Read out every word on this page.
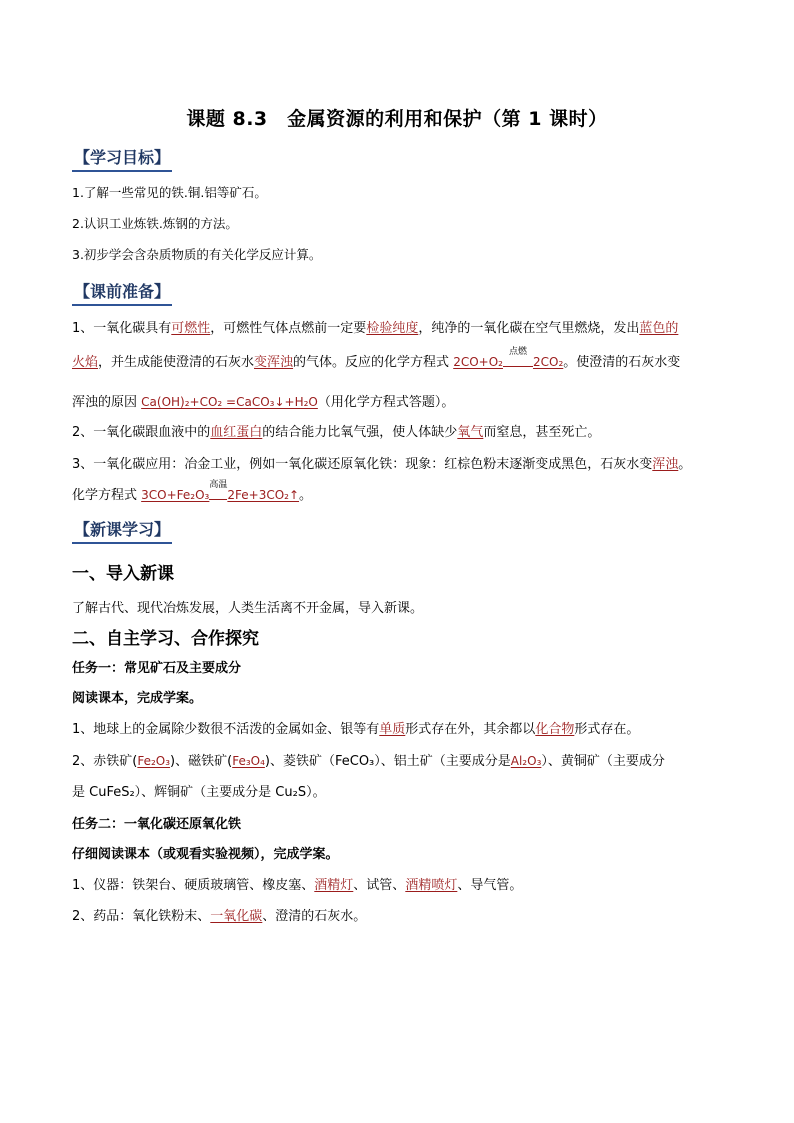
课题 8.3　金属资源的利用和保护（第 1 课时）
【学习目标】
1.了解一些常见的铁.铜.铝等矿石。
2.认识工业炼铁.炼钢的方法。
3.初步学会含杂质物质的有关化学反应计算。
【课前准备】
1、一氧化碳具有可燃性，可燃性气体点燃前一定要检验纯度，纯净的一氧化碳在空气里燃烧，发出蓝色的
火焰，并生成能使澄清的石灰水变浑浊的气体。反应的化学方程式 2CO+O₂
点燃
2CO₂。使澄清的石灰水变
浑浊的原因 Ca(OH)₂+CO₂ =CaCO₃↓+H₂O（用化学方程式答题）。
2、一氧化碳跟血液中的血红蛋白的结合能力比氧气强，使人体缺少氧气而窒息，甚至死亡。
3、一氧化碳应用：冶金工业，例如一氧化碳还原氧化铁：现象：红棕色粉末逐渐变成黑色，石灰水变浑浊。
化学方程式 3CO+Fe₂O₃
高温
2Fe+3CO₂↑。
【新课学习】
一、导入新课
了解古代、现代冶炼发展，人类生活离不开金属，导入新课。
二、自主学习、合作探究
任务一：常见矿石及主要成分
阅读课本，完成学案。
1、地球上的金属除少数很不活泼的金属如金、银等有单质形式存在外，其余都以化合物形式存在。
2、赤铁矿(Fe₂O₃)、磁铁矿(Fe₃O₄)、菱铁矿（FeCO₃）、铝土矿（主要成分是Al₂O₃）、黄铜矿（主要成分
是 CuFeS₂）、辉铜矿（主要成分是 Cu₂S）。
任务二：一氧化碳还原氧化铁
仔细阅读课本（或观看实验视频），完成学案。
1、仪器：铁架台、硬质玻璃管、橡皮塞、酒精灯、试管、酒精喷灯、导气管。
2、药品：氧化铁粉末、一氧化碳、澄清的石灰水。
